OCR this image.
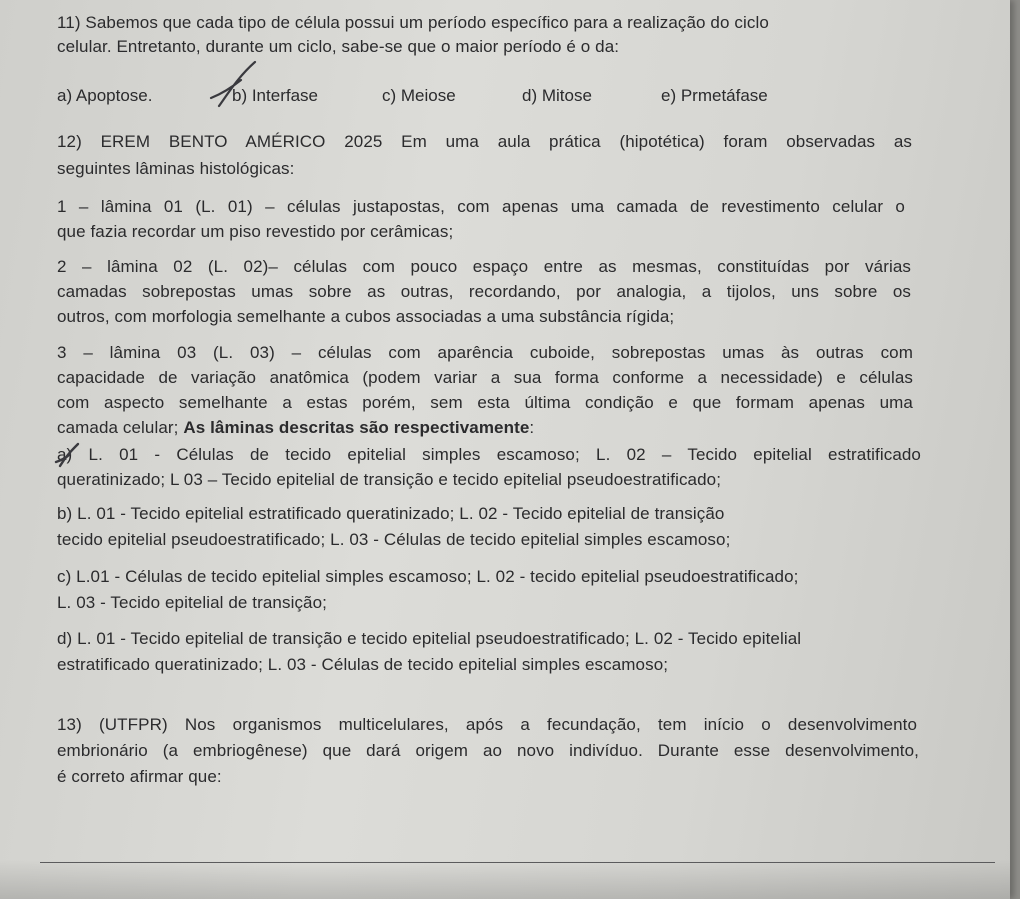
11) Sabemos que cada tipo de célula possui um período específico para a realização do ciclo
celular. Entretanto, durante um ciclo, sabe-se que o maior período é o da:
a) Apoptose.	b) Interfase	c) Meiose	d) Mitose	e) Prmetáfase
12) EREM BENTO AMÉRICO 2025 Em uma aula prática (hipotética) foram observadas as
seguintes lâminas histológicas:
1 – lâmina 01 (L. 01) – células justapostas, com apenas uma camada de revestimento celular o
que fazia recordar um piso revestido por cerâmicas;
2 – lâmina 02 (L. 02)– células com pouco espaço entre as mesmas, constituídas por várias
camadas sobrepostas umas sobre as outras, recordando, por analogia, a tijolos, uns sobre os
outros, com morfologia semelhante a cubos associadas a uma substância rígida;
3 – lâmina 03 (L. 03) – células com aparência cuboide, sobrepostas umas às outras com
capacidade de variação anatômica (podem variar a sua forma conforme a necessidade) e células
com aspecto semelhante a estas porém, sem esta última condição e que formam apenas uma
camada celular; As lâminas descritas são respectivamente:
a) L. 01 - Células de tecido epitelial simples escamoso; L. 02 – Tecido epitelial estratificado
queratinizado; L 03 – Tecido epitelial de transição e tecido epitelial pseudoestratificado;
b) L. 01 - Tecido epitelial estratificado queratinizado; L. 02 - Tecido epitelial de transição
tecido epitelial pseudoestratificado; L. 03 - Células de tecido epitelial simples escamoso;
c) L.01 - Células de tecido epitelial simples escamoso; L. 02 - tecido epitelial pseudoestratificado;
L. 03 - Tecido epitelial de transição;
d) L. 01 - Tecido epitelial de transição e tecido epitelial pseudoestratificado; L. 02 - Tecido epitelial
estratificado queratinizado; L. 03 - Células de tecido epitelial simples escamoso;
13) (UTFPR) Nos organismos multicelulares, após a fecundação, tem início o desenvolvimento
embrionário (a embriogênese) que dará origem ao novo indivíduo. Durante esse desenvolvimento,
é correto afirmar que:
